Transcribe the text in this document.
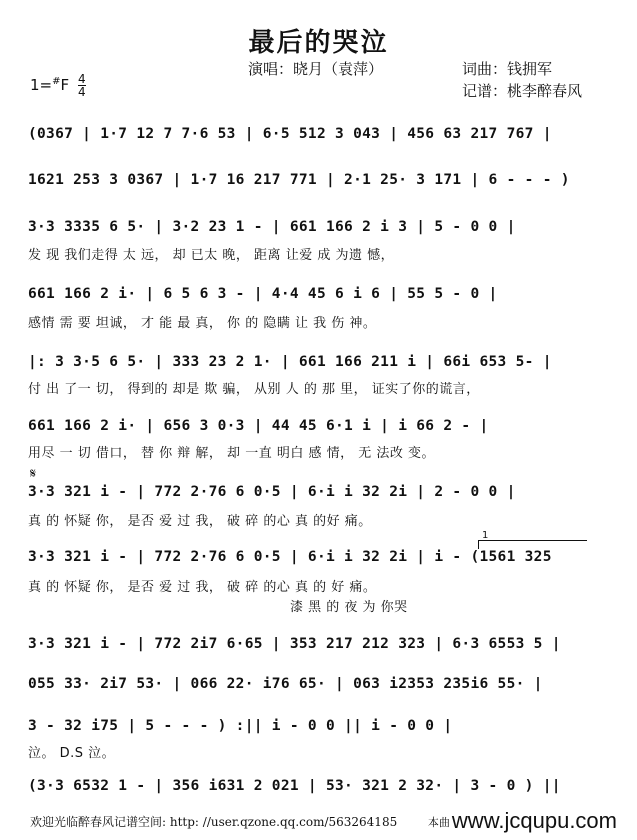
最后的哭泣
演唱：晓月（袁萍）	词曲：钱拥军
记谱：桃李醉春风
$1=^{\#}F \frac{4}{4}$
(0367 | 1·7 12 7 7·6 53 | 6·5 512 3 043 | 456 63 217 767 |
1621 253 3 0367 | 1·7 16 217 771 | 2·1 25· 3 171 | 6 - - - )
3·3 3335 6 5· | 3·2 23 1 - | 661 166 2 i 3 | 5 - 0 0 |
发 现 我们走得 太 远， 却 已太 晚， 距离 让爱 成 为遗 憾，
661 166 2 i· | 6 5 6 3 - | 4·4 45 6 i 6 | 55 5 - 0 |
感情 需 要 坦诚， 才 能 最 真， 你 的 隐瞒 让 我 伤 神。
|: 3 3·5 6 5· | 333 23 2 1· | 661 166 211 i | 66i 653 5- |
付 出 了一 切， 得到的 却是 欺 骗， 从别 人 的 那 里， 证实了你的谎言，
661 166 2 i· | 656 3 0·3 | 44 45 6·1 i | i 66 2 - |
用尽 一 切 借口， 替 你 辩 解， 却 一直 明白 感 情， 无 法改 变。
𝄋
3·3 321 i - | 772 2·76 6 0·5 | 6·i i 32 2i | 2 - 0 0 |
真 的 怀疑 你， 是否 爱 过 我， 破 碎 的心 真 的好 痛。
1
3·3 321 i - | 772 2·76 6 0·5 | 6·i i 32 2i | i - (1561 325
真 的 怀疑 你， 是否 爱 过 我， 破 碎 的心 真 的 好 痛。
漆 黑 的 夜 为 你哭
3·3 321 i - | 772 2i7 6·65 | 353 217 212 323 | 6·3 6553 5 |
055 33· 2i7 53· | 066 22· i76 65· | 063 i2353 235i6 55· |
3 - 32 i75 | 5 - - - ) :|| i - 0 0 || i - 0 0 |
泣。 D.S 泣。
(3·3 6532 1 - | 356 i631 2 021 | 53· 321 2 32· | 3 - 0 ) ||
欢迎光临醉春风记谱空间: http: //user.qzone.qq.com/563264185	本曲www.jcqupu.com
